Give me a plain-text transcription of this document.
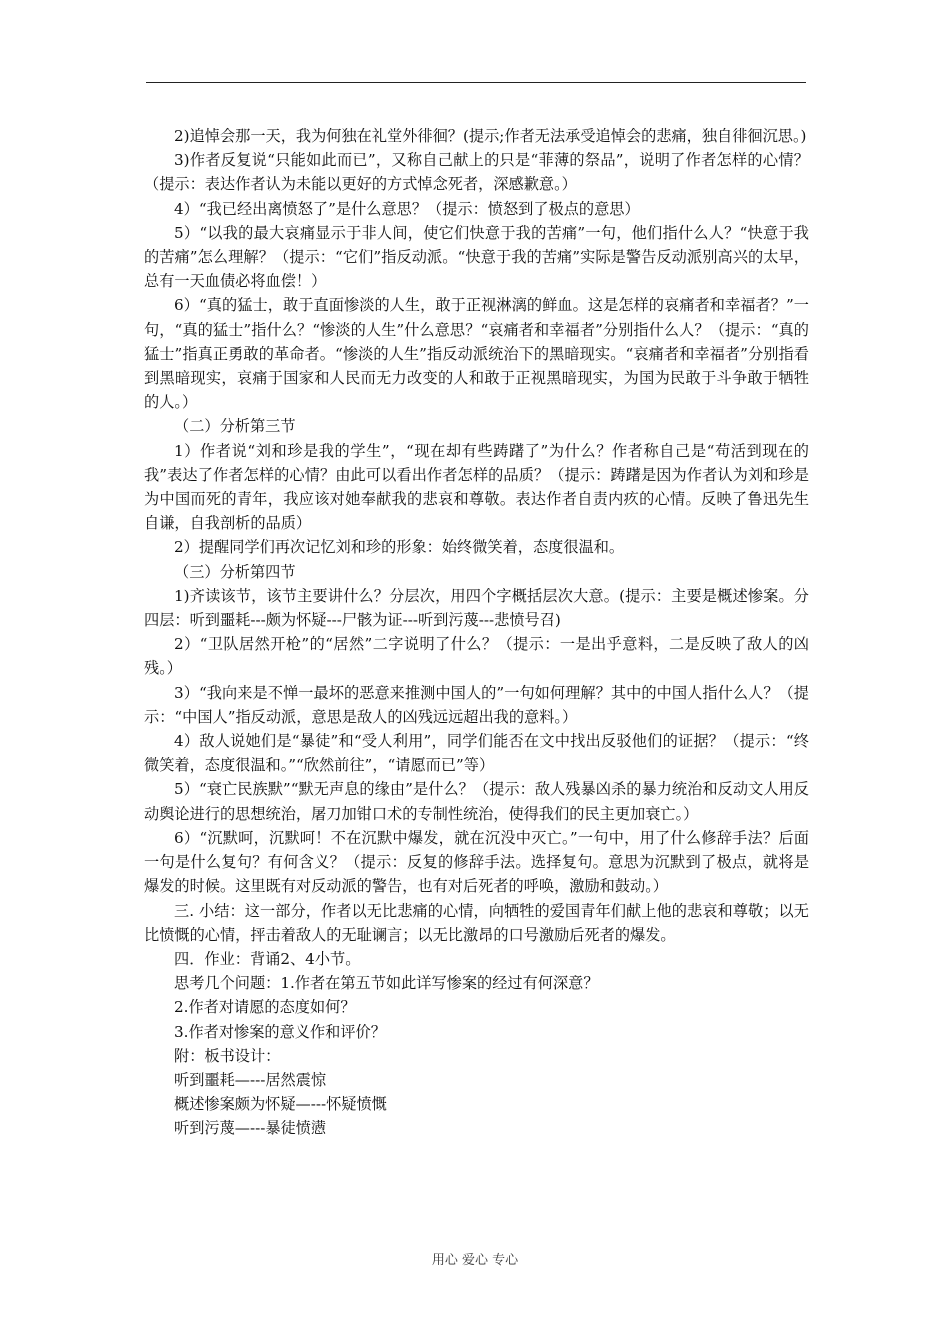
2)追悼会那一天，我为何独在礼堂外徘徊？(提示;作者无法承受追悼会的悲痛，独自徘徊沉思。)

3)作者反复说“只能如此而已”，又称自己献上的只是“菲薄的祭品”，说明了作者怎样的心情？（提示：表达作者认为未能以更好的方式悼念死者，深感歉意。）

4）“我已经出离愤怒了”是什么意思？（提示：愤怒到了极点的意思）

5）“以我的最大哀痛显示于非人间，使它们快意于我的苦痛”一句，他们指什么人？“快意于我的苦痛”怎么理解？（提示：“它们”指反动派。“快意于我的苦痛”实际是警告反动派别高兴的太早，总有一天血债必将血偿！）

6）“真的猛士，敢于直面惨淡的人生，敢于正视淋漓的鲜血。这是怎样的哀痛者和幸福者？”一句，“真的猛士”指什么？“惨淡的人生”什么意思？“哀痛者和幸福者”分别指什么人？（提示：“真的猛士”指真正勇敢的革命者。“惨淡的人生”指反动派统治下的黑暗现实。“哀痛者和幸福者”分别指看到黑暗现实，哀痛于国家和人民而无力改变的人和敢于正视黑暗现实，为国为民敢于斗争敢于牺牲的人。）

（二）分析第三节

1）作者说“刘和珍是我的学生”，“现在却有些踌躇了”为什么？作者称自己是“苟活到现在的我”表达了作者怎样的心情？由此可以看出作者怎样的品质？（提示：踌躇是因为作者认为刘和珍是为中国而死的青年，我应该对她奉献我的悲哀和尊敬。表达作者自责内疚的心情。反映了鲁迅先生自谦，自我剖析的品质）

2）提醒同学们再次记忆刘和珍的形象：始终微笑着，态度很温和。

（三）分析第四节

1)齐读该节，该节主要讲什么？分层次，用四个字概括层次大意。(提示：主要是概述惨案。分四层：听到噩耗---颇为怀疑---尸骸为证---听到污蔑---悲愤号召)

2）“卫队居然开枪”的“居然”二字说明了什么？（提示：一是出乎意料，二是反映了敌人的凶残。）

3）“我向来是不惮一最坏的恶意来推测中国人的”一句如何理解？其中的中国人指什么人？（提示：“中国人”指反动派，意思是敌人的凶残远远超出我的意料。）

4）敌人说她们是“暴徒”和“受人利用”，同学们能否在文中找出反驳他们的证据？（提示：“终微笑着，态度很温和。”“欣然前往”，“请愿而已”等）

5）“衰亡民族默”“默无声息的缘由”是什么？（提示：敌人残暴凶杀的暴力统治和反动文人用反动舆论进行的思想统治，屠刀加钳口术的专制性统治，使得我们的民主更加衰亡。）

6）“沉默呵，沉默呵！不在沉默中爆发，就在沉没中灭亡。”一句中，用了什么修辞手法？后面一句是什么复句？有何含义？（提示：反复的修辞手法。选择复句。意思为沉默到了极点，就将是爆发的时候。这里既有对反动派的警告，也有对后死者的呼唤，激励和鼓动。）

三. 小结：这一部分，作者以无比悲痛的心情，向牺牲的爱国青年们献上他的悲哀和尊敬；以无比愤慨的心情，抨击着敌人的无耻谰言；以无比激昂的口号激励后死者的爆发。

四．作业：背诵2、4小节。

思考几个问题：1.作者在第五节如此详写惨案的经过有何深意？

2.作者对请愿的态度如何？

3.作者对惨案的意义作和评价？

附：板书设计：

听到噩耗—---居然震惊

概述惨案颇为怀疑—---怀疑愤慨

听到污蔑—---暴徒愤懑

用心 爱心 专心
